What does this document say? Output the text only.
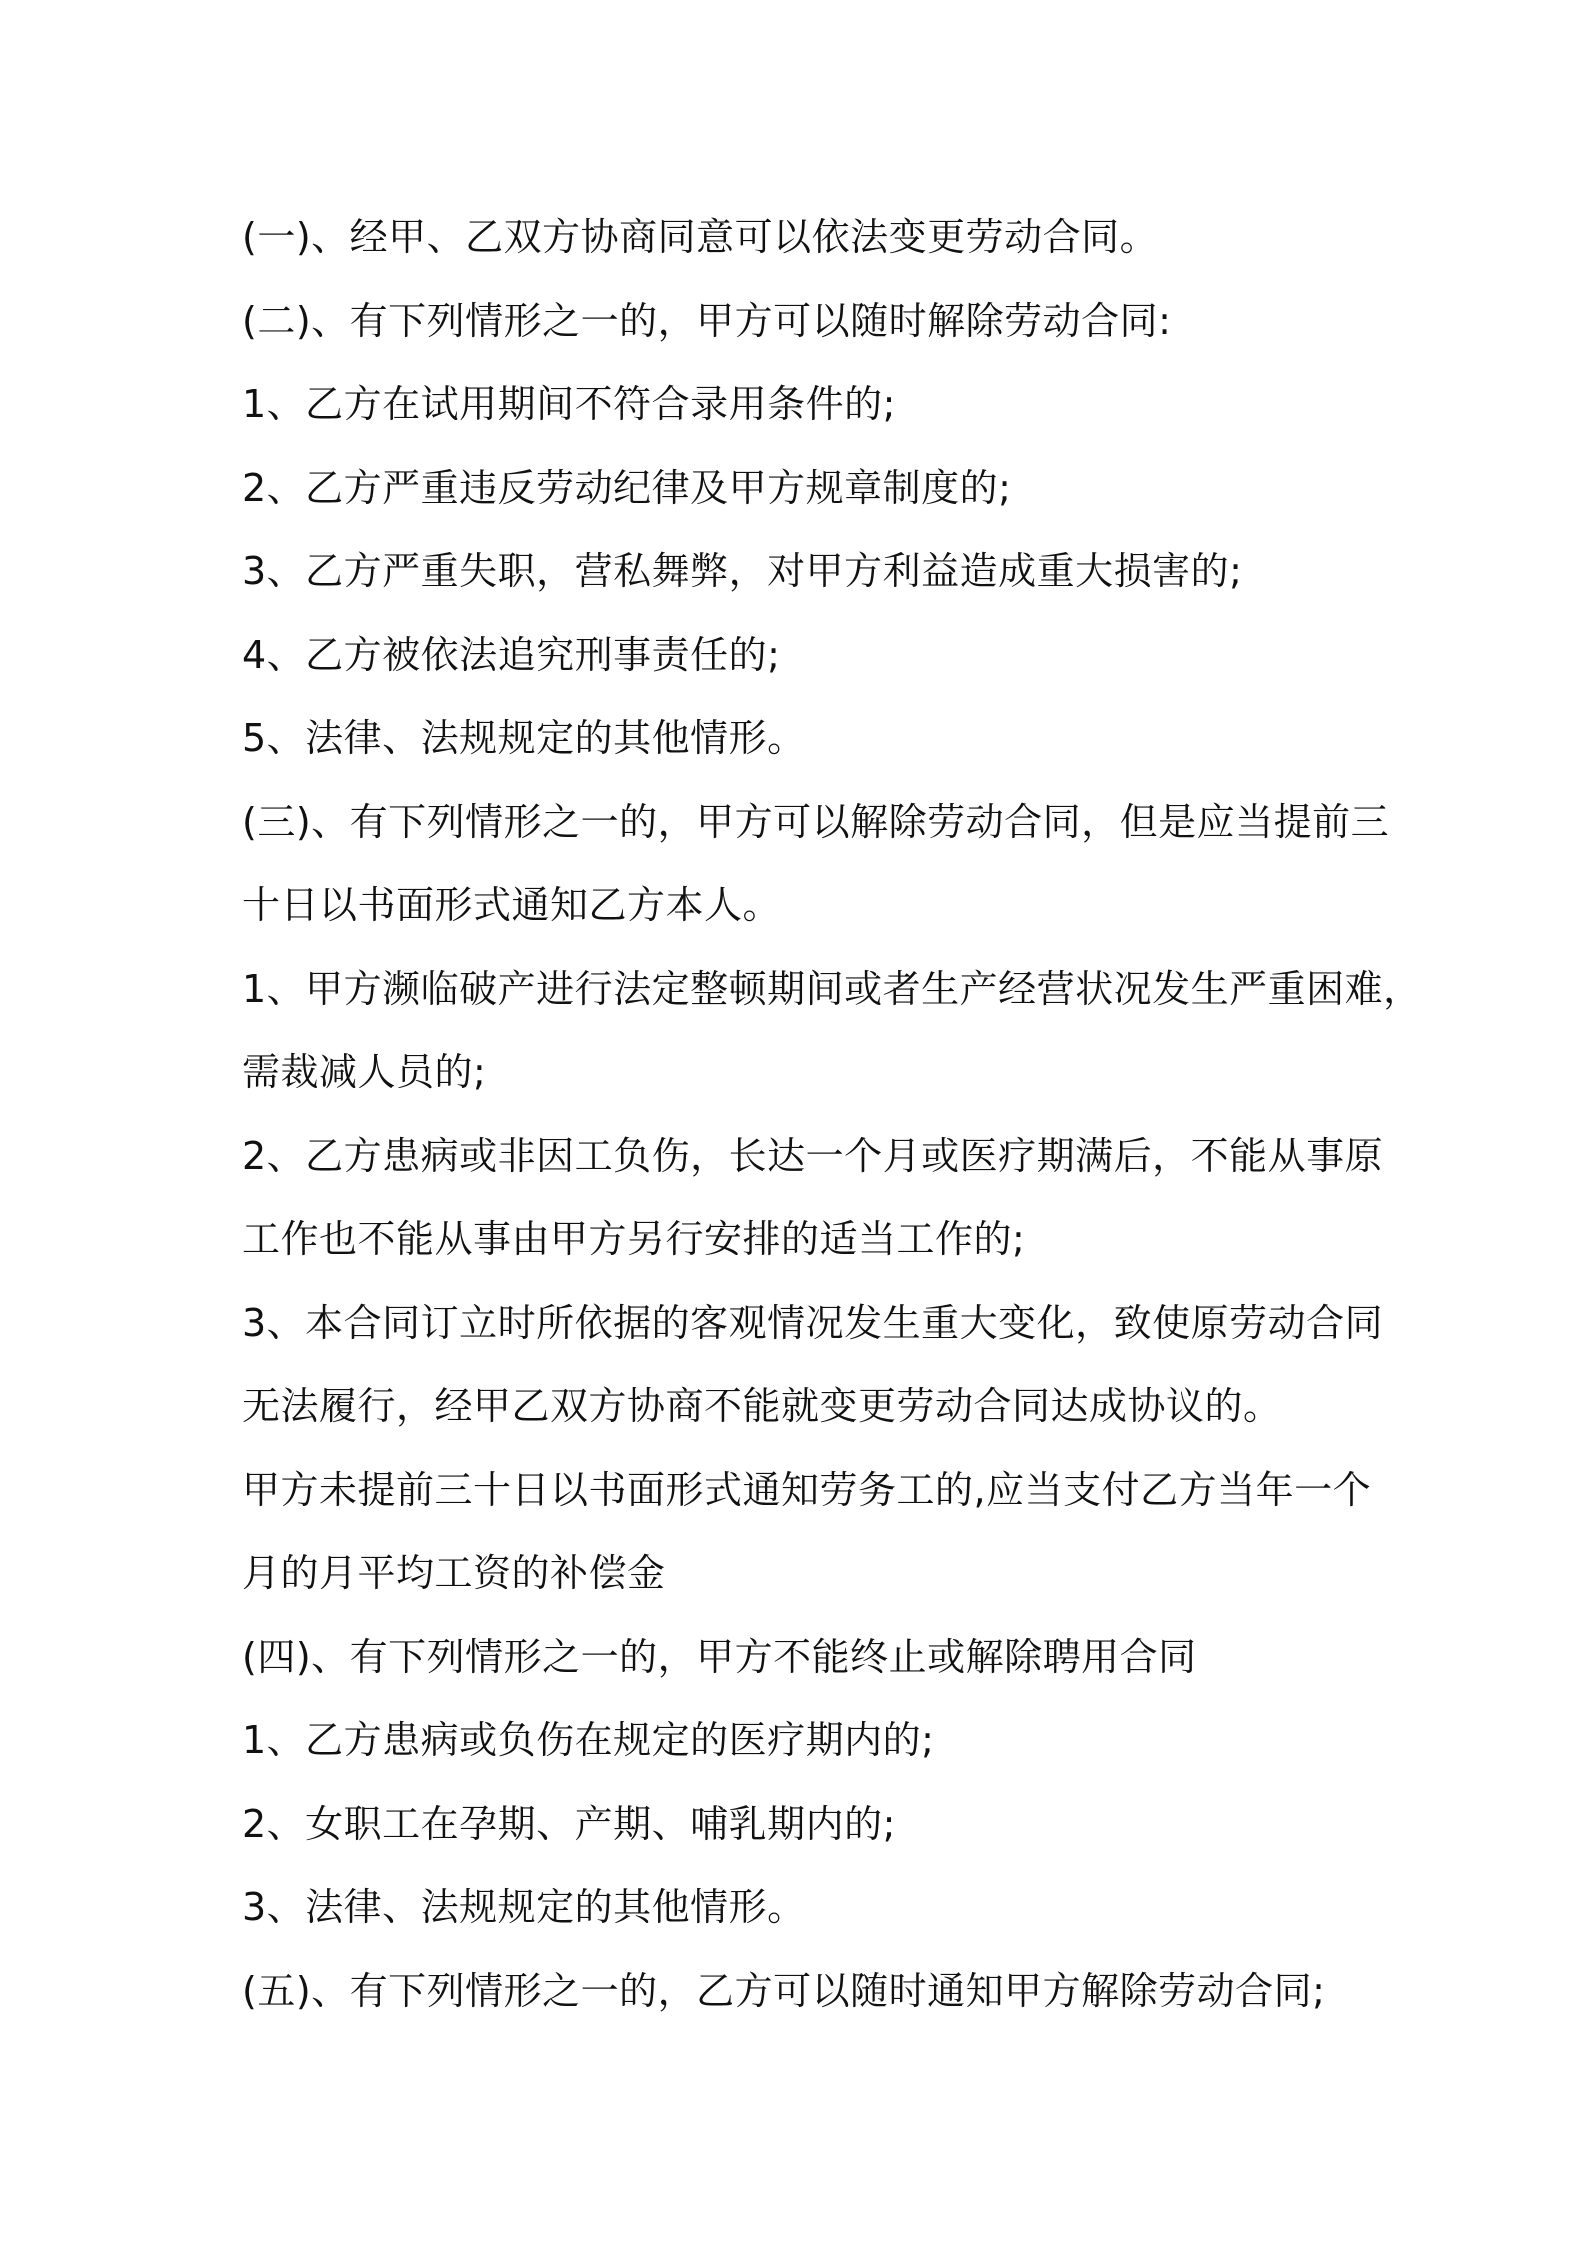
(一)、经甲、乙双方协商同意可以依法变更劳动合同。
(二)、有下列情形之一的，甲方可以随时解除劳动合同:
1、乙方在试用期间不符合录用条件的;
2、乙方严重违反劳动纪律及甲方规章制度的;
3、乙方严重失职，营私舞弊，对甲方利益造成重大损害的;
4、乙方被依法追究刑事责任的;
5、法律、法规规定的其他情形。
(三)、有下列情形之一的，甲方可以解除劳动合同，但是应当提前三
十日以书面形式通知乙方本人。
1、甲方濒临破产进行法定整顿期间或者生产经营状况发生严重困难，
需裁减人员的;
2、乙方患病或非因工负伤，长达一个月或医疗期满后，不能从事原
工作也不能从事由甲方另行安排的适当工作的;
3、本合同订立时所依据的客观情况发生重大变化，致使原劳动合同
无法履行，经甲乙双方协商不能就变更劳动合同达成协议的。
甲方未提前三十日以书面形式通知劳务工的,应当支付乙方当年一个
月的月平均工资的补偿金
(四)、有下列情形之一的，甲方不能终止或解除聘用合同
1、乙方患病或负伤在规定的医疗期内的;
2、女职工在孕期、产期、哺乳期内的;
3、法律、法规规定的其他情形。
(五)、有下列情形之一的，乙方可以随时通知甲方解除劳动合同;
